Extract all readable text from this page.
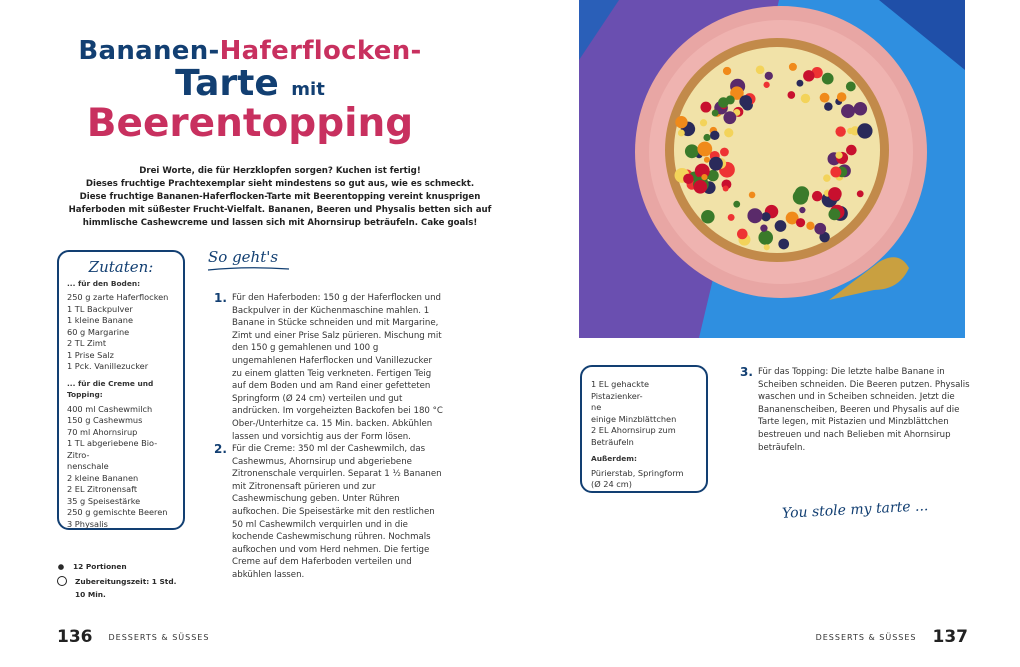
Bananen-Haferflocken-
Tarte mit
Beerentopping
Drei Worte, die für Herzklopfen sorgen? Kuchen ist fertig!
Dieses fruchtige Prachtexemplar sieht mindestens so gut aus, wie es schmeckt.
Diese fruchtige Bananen-Haferflocken-Tarte mit Beerentopping vereint knusprigen
Haferboden mit süßester Frucht-Vielfalt. Bananen, Beeren und Physalis betten sich auf
himmlische Cashewcreme und lassen sich mit Ahornsirup beträufeln. Cake goals!
Zutaten:
... für den Boden:
250 g zarte Haferflocken
1 TL Backpulver
1 kleine Banane
60 g Margarine
2 TL Zimt
1 Prise Salz
1 Pck. Vanillezucker
... für die Creme und Topping:
400 ml Cashewmilch
150 g Cashewmus
70 ml Ahornsirup
1 TL abgeriebene Bio-Zitro-
nenschale
2 kleine Bananen
2 EL Zitronensaft
35 g Speisestärke
250 g gemischte Beeren
3 Physalis
So geht's
1. Für den Haferboden: 150 g der Haferflocken und Backpulver in der Küchenmaschine mahlen. 1 Banane in Stücke schneiden und mit Margarine, Zimt und einer Prise Salz pürieren. Mischung mit den 150 g gemahlenen und 100 g ungemahlenen Haferflocken und Vanillezucker zu einem glatten Teig verkneten. Fertigen Teig auf dem Boden und am Rand einer gefetteten Springform (Ø 24 cm) verteilen und gut andrücken. Im vorgeheizten Backofen bei 180 °C Ober-/Unterhitze ca. 15 Min. backen. Abkühlen lassen und vorsichtig aus der Form lösen.
2. Für die Creme: 350 ml der Cashewmilch, das Cashewmus, Ahornsirup und abgeriebene Zitronenschale verquirlen. Separat 1 ½ Bananen mit Zitronensaft pürieren und zur Cashewmischung geben. Unter Rühren aufkochen. Die Speisestärke mit den restlichen 50 ml Cashewmilch verquirlen und in die kochende Cashewmischung rühren. Nochmals aufkochen und vom Herd nehmen. Die fertige Creme auf dem Haferboden verteilen und abkühlen lassen.
● 12 Portionen
Zubereitungszeit: 1 Std.
10 Min.
136 DESSERTS & SÜSSES	DESSERTS & SÜSSES 137
1 EL gehackte Pistazienker-
ne
einige Minzblättchen
2 EL Ahornsirup zum
Beträufeln
Außerdem:
Pürierstab, Springform
(Ø 24 cm)
3. Für das Topping: Die letzte halbe Banane in Scheiben schneiden. Die Beeren putzen. Physalis waschen und in Scheiben schneiden. Jetzt die Bananenscheiben, Beeren und Physalis auf die Tarte legen, mit Pistazien und Minzblättchen bestreuen und nach Belieben mit Ahornsirup beträufeln.
You stole my tarte ...
